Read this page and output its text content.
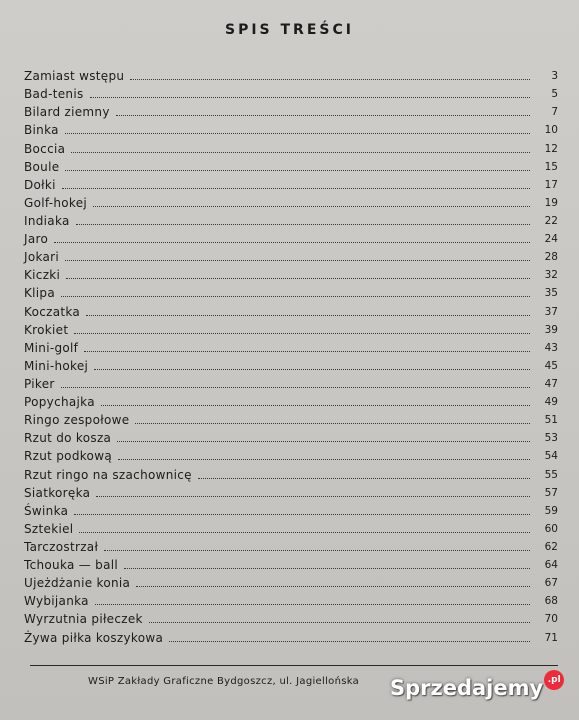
SPIS TREŚCI
Zamiast wstępu	3
Bad-tenis	5
Bilard ziemny	7
Binka	10
Boccia	12
Boule	15
Dołki	17
Golf-hokej	19
Indiaka	22
Jaro	24
Jokari	28
Kiczki	32
Klipa	35
Koczatka	37
Krokiet	39
Mini-golf	43
Mini-hokej	45
Piker	47
Popychajka	49
Ringo zespołowe	51
Rzut do kosza	53
Rzut podkową	54
Rzut ringo na szachownicę	55
Siatkoręka	57
Świnka	59
Sztekiel	60
Tarczostrzał	62
Tchouka — ball	64
Ujeżdżanie konia	67
Wybijanka	68
Wyrzutnia piłeczek	70
Żywa piłka koszykowa	71
WSiP Zakłady Graficzne Bydgoszcz, ul. Jagiellońska Sprzedajemy .pl
